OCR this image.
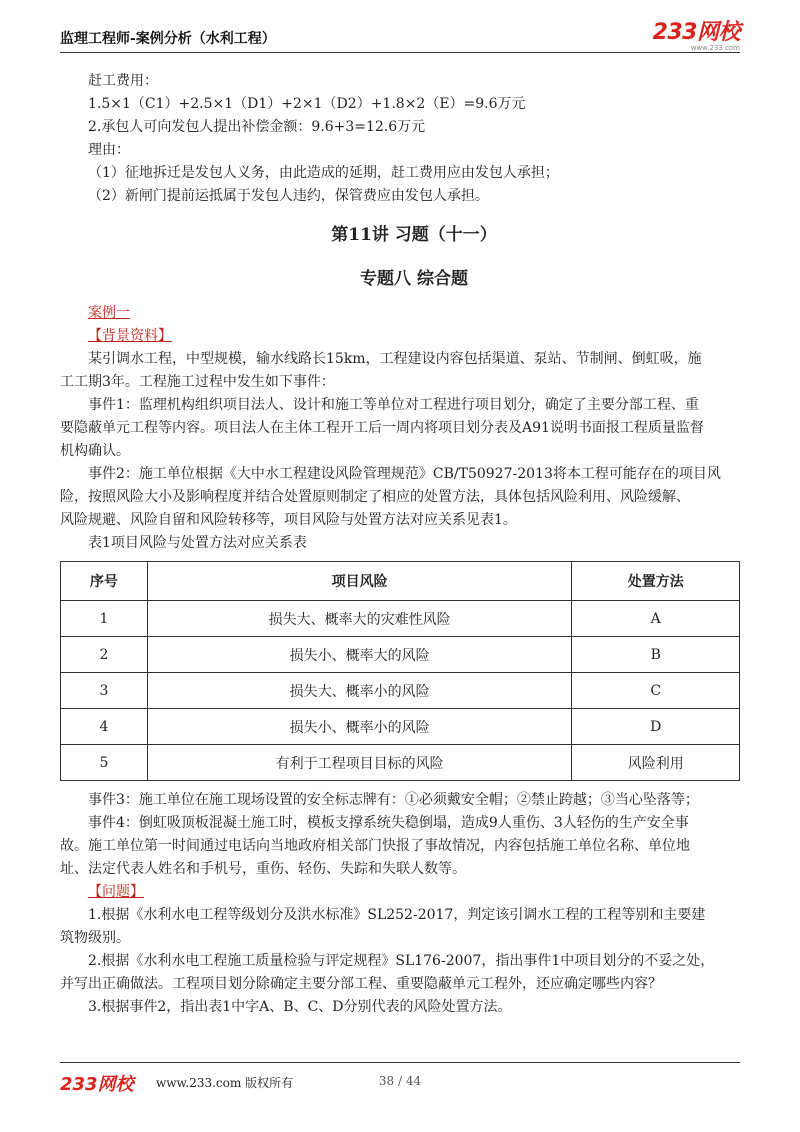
监理工程师-案例分析（水利工程）	233网校
www.233.com
赶工费用：
1.5×1（C1）+2.5×1（D1）+2×1（D2）+1.8×2（E）=9.6万元
2.承包人可向发包人提出补偿金额：9.6+3=12.6万元
理由：
（1）征地拆迁是发包人义务，由此造成的延期，赶工费用应由发包人承担；
（2）新闸门提前运抵属于发包人违约，保管费应由发包人承担。
第11讲 习题（十一）
专题八 综合题
案例一
【背景资料】
某引调水工程，中型规模，输水线路长15km，工程建设内容包括渠道、泵站、节制闸、倒虹吸，施
工工期3年。工程施工过程中发生如下事件：
事件1：监理机构组织项目法人、设计和施工等单位对工程进行项目划分，确定了主要分部工程、重
要隐蔽单元工程等内容。项目法人在主体工程开工后一周内将项目划分表及A91说明书面报工程质量监督
机构确认。
事件2：施工单位根据《大中水工程建设风险管理规范》CB/T50927-2013将本工程可能存在的项目风
险，按照风险大小及影响程度并结合处置原则制定了相应的处置方法，具体包括风险利用、风险缓解、
风险规避、风险自留和风险转移等，项目风险与处置方法对应关系见表1。
表1项目风险与处置方法对应关系表
序号	项目风险	处置方法
1	损失大、概率大的灾难性风险	A
2	损失小、概率大的风险	B
3	损失大、概率小的风险	C
4	损失小、概率小的风险	D
5	有利于工程项目目标的风险	风险利用
事件3：施工单位在施工现场设置的安全标志牌有：①必须戴安全帽；②禁止跨越；③当心坠落等；
事件4：倒虹吸顶板混凝土施工时，模板支撑系统失稳倒塌，造成9人重伤、3人轻伤的生产安全事
故。施工单位第一时间通过电话向当地政府相关部门快报了事故情况，内容包括施工单位名称、单位地
址、法定代表人姓名和手机号，重伤、轻伤、失踪和失联人数等。
【问题】
1.根据《水利水电工程等级划分及洪水标准》SL252-2017，判定该引调水工程的工程等别和主要建
筑物级别。
2.根据《水利水电工程施工质量检验与评定规程》SL176-2007，指出事件1中项目划分的不妥之处，
并写出正确做法。工程项目划分除确定主要分部工程、重要隐蔽单元工程外，还应确定哪些内容？
3.根据事件2，指出表1中字A、B、C、D分别代表的风险处置方法。
233网校 www.233.com 版权所有	38 / 44
